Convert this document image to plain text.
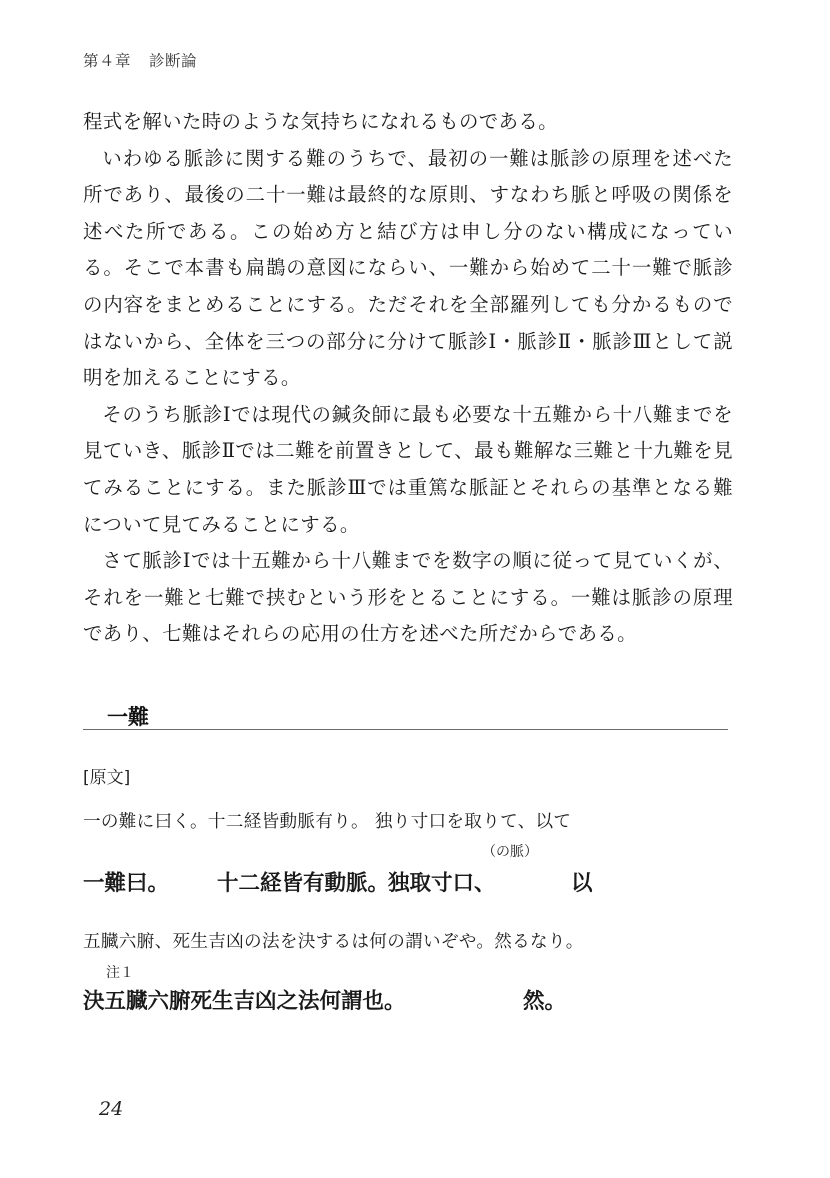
第４章 診断論

程式を解いた時のような気持ちになれるものである。

いわゆる脈診に関する難のうちで、最初の一難は脈診の原理を述べた所であり、最後の二十一難は最終的な原則、すなわち脈と呼吸の関係を述べた所である。この始め方と結び方は申し分のない構成になっている。そこで本書も扁鵲の意図にならい、一難から始めて二十一難で脈診の内容をまとめることにする。ただそれを全部羅列しても分かるものではないから、全体を三つの部分に分けて脈診Ⅰ・脈診Ⅱ・脈診Ⅲとして説明を加えることにする。

そのうち脈診Ⅰでは現代の鍼灸師に最も必要な十五難から十八難までを見ていき、脈診Ⅱでは二難を前置きとして、最も難解な三難と十九難を見てみることにする。また脈診Ⅲでは重篤な脈証とそれらの基準となる難について見てみることにする。

さて脈診Ⅰでは十五難から十八難までを数字の順に従って見ていくが、それを一難と七難で挟むという形をとることにする。一難は脈診の原理であり、七難はそれらの応用の仕方を述べた所だからである。

一難
[原文]
一の難に曰く。十二経皆動脈有り。 独り寸口を取りて、以て
（の脈）
一難曰。 十二経皆有動脈。
独取寸口、	以
五臓六腑、死生吉凶の法を決するは何の謂いぞや。然るなり。
注１
決五臓六腑死生吉凶之法何謂也。	然。
24
